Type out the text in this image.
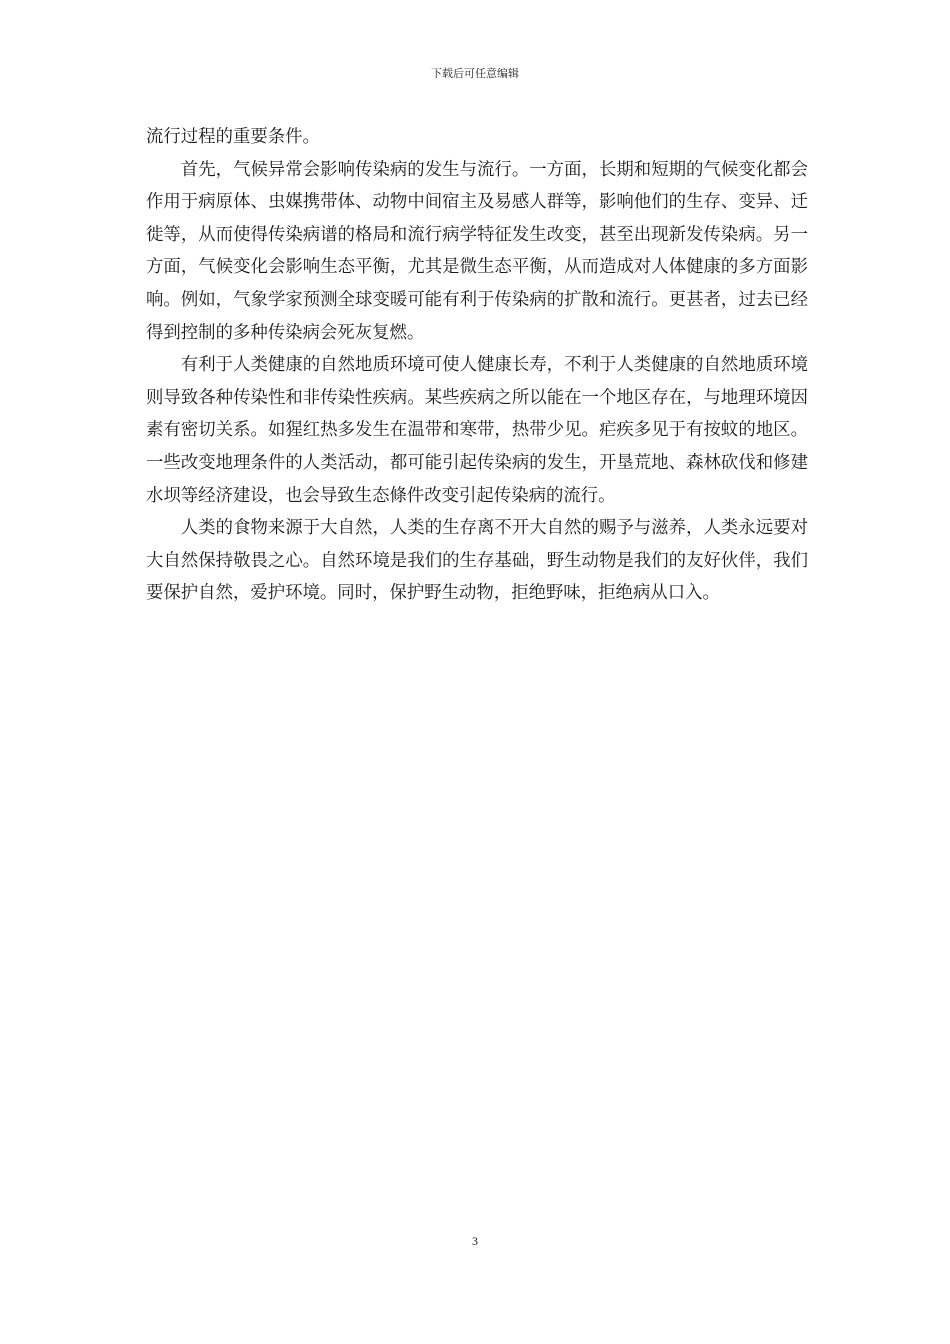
下载后可任意编辑

流行过程的重要条件。

首先，气候异常会影响传染病的发生与流行。一方面，长期和短期的气候变化都会作用于病原体、虫媒携带体、动物中间宿主及易感人群等，影响他们的生存、变异、迁徙等，从而使得传染病谱的格局和流行病学特征发生改变，甚至出现新发传染病。另一方面，气候变化会影响生态平衡，尤其是微生态平衡，从而造成对人体健康的多方面影响。例如，气象学家预测全球变暖可能有利于传染病的扩散和流行。更甚者，过去已经得到控制的多种传染病会死灰复燃。

有利于人类健康的自然地质环境可使人健康长寿，不利于人类健康的自然地质环境则导致各种传染性和非传染性疾病。某些疾病之所以能在一个地区存在，与地理环境因素有密切关系。如猩红热多发生在温带和寒带，热带少见。疟疾多见于有按蚊的地区。一些改变地理条件的人类活动，都可能引起传染病的发生，开垦荒地、森林砍伐和修建水坝等经济建设，也会导致生态條件改变引起传染病的流行。

人类的食物来源于大自然，人类的生存离不开大自然的赐予与滋养，人类永远要对大自然保持敬畏之心。自然环境是我们的生存基础，野生动物是我们的友好伙伴，我们要保护自然，爱护环境。同时，保护野生动物，拒绝野味，拒绝病从口入。

3
